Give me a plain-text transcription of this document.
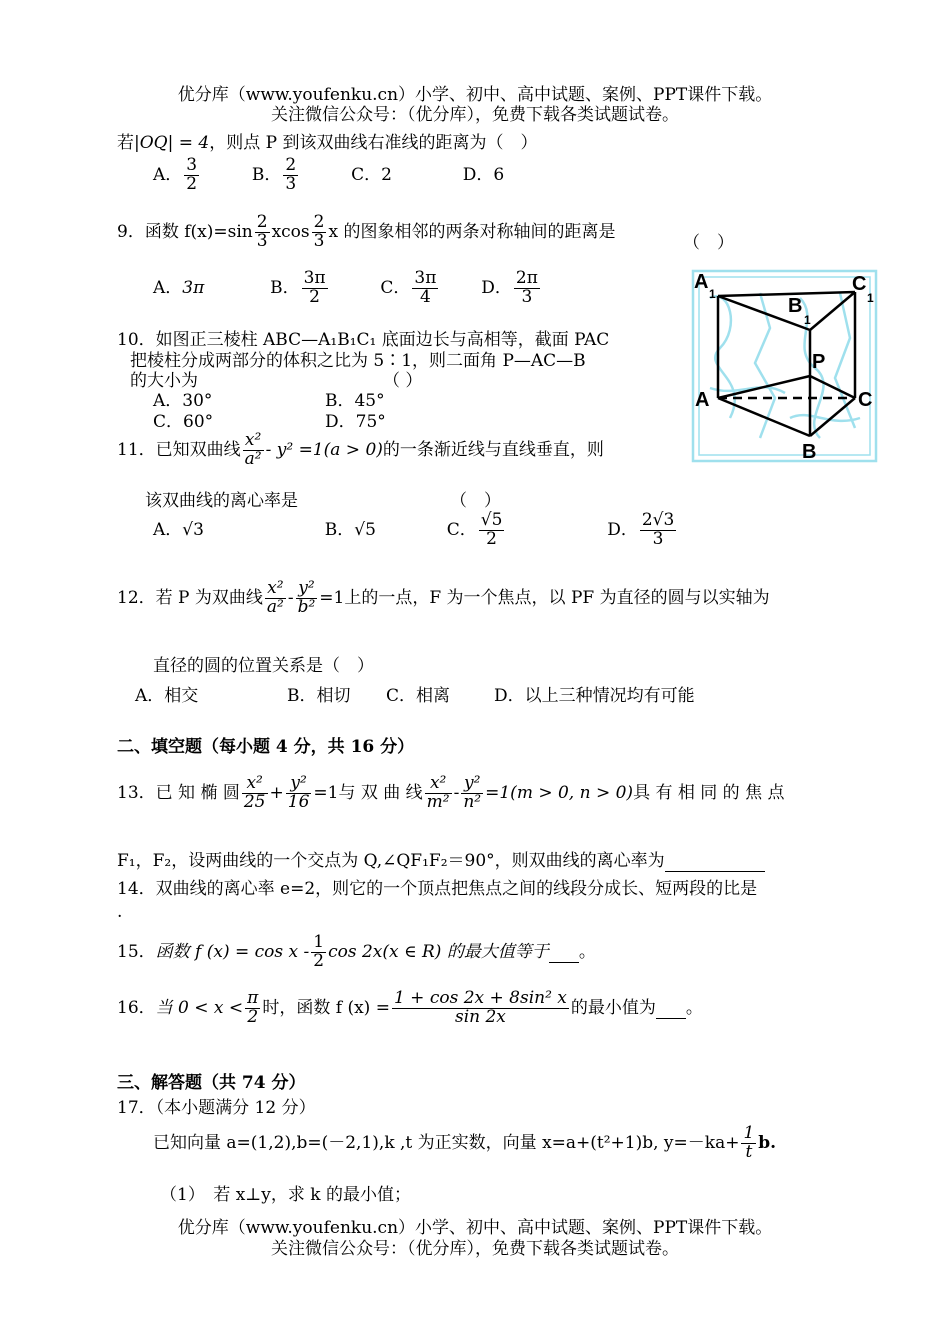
优分库（www.youfenku.cn）小学、初中、高中试题、案例、PPT课件下载。
关注微信公众号：（优分库），免费下载各类试题试卷。
若|OQ| = 4，则点 P 到该双曲线右准线的距离为（　）
A． $\frac{3}{2}$	B． $\frac{2}{3}$	C．2	D．6
9．函数 $f(x)=\sin \frac{2}{3}$ xcos $\frac{2}{3}$ x 的图象相邻的两条对称轴间的距离是
（　）
A．3π	B． $\frac{3\pi}{2}$	C． $\frac{3\pi}{4}$	D． $\frac{2\pi}{3}$
10．如图正三棱柱 ABC—A₁B₁C₁ 底面边长与高相等，截面 PAC
把棱柱分成两部分的体积之比为 5∶1，则二面角 P—AC—B
的大小为	（ ）
A．30°	B．45°
C．60°	D．75°
A
1
B
1
C
1
P
A	C
B
11．已知双曲线 $\frac{\text{x²}}{\text{a²}} - y^2 =1(a > 0)$的一条渐近线与直线垂直，则
该双曲线的离心率是	（　）
A．√3	B．√5	C． $\frac{√5}{2}$	D． $\frac{2√3}{3}$
12．若 P 为双曲线 $\frac{\text{x²}}{\text{a²}} - \frac{\text{y²}}{\text{b²}} =1$上的一点，F 为一个焦点，以 PF 为直径的圆与以实轴为
直径的圆的位置关系是（　）
A．相交	B．相切 C．相离	D．以上三种情况均有可能
二、填空题（每小题 4 分，共 16 分）
13．已 知 椭 圆 $\frac{\text{x²}}{25} + \frac{\text{y²}}{16} =1$与 双 曲 线 $\frac{\text{x²}}{\text{m²}} - \frac{\text{y²}}{\text{n²}} =1(m > 0$, n > 0)具 有 相 同 的 焦 点
F₁，F₂，设两曲线的一个交点为 Q,∠QF₁F₂＝90°，则双曲线的离心率为
14．双曲线的离心率 e=2，则它的一个顶点把焦点之间的线段分成长、短两段的比是
.
15．函数 f $(x) = \cos x - \frac{1}{2}$ cos 2x(x ∈ R) 的最大值等于 。
16．当 $0 < x < \frac{\pi}{2}$ 时，函数 f $(x) = \frac{\text{1 + cos 2x + 8sin² x}}{\sin 2x}$ 的最小值为 。
三、解答题（共 74 分）
17．（本小题满分 12 分）
已知向量 a=(1,2),b=(－2,1),k ,t 为正实数，向量 x=a+(t²+1)b, $y=-ka+ \frac{1}{t} b$.
（1）　若 x⊥y，求 k 的最小值；
优分库（www.youfenku.cn）小学、初中、高中试题、案例、PPT课件下载。
关注微信公众号：（优分库），免费下载各类试题试卷。
